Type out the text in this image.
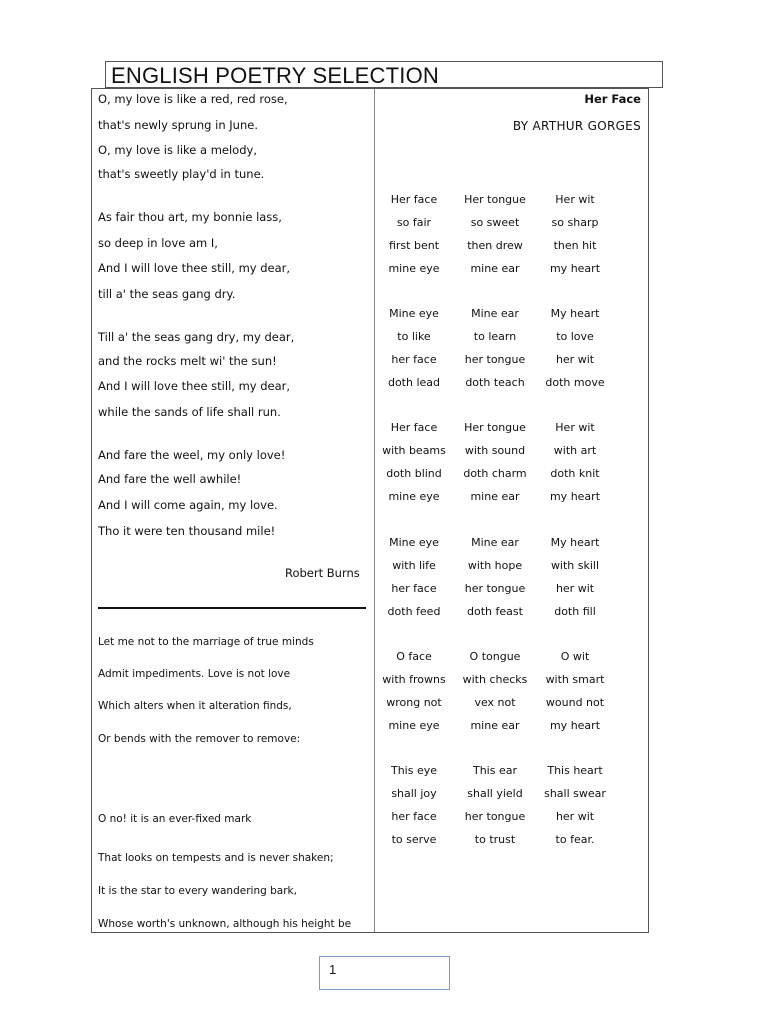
ENGLISH POETRY SELECTION
Her Face
BY ARTHUR GORGES
Her face	Her tongue	Her wit
so fair	so sweet	so sharp
first bent	then drew	then hit
mine eye	mine ear	my heart
Mine eye	Mine ear	My heart
to like	to learn	to love
her face	her tongue	her wit
doth lead	doth teach	doth move
Her face	Her tongue	Her wit
with beams	with sound	with art
doth blind	doth charm	doth knit
mine eye	mine ear	my heart
Mine eye	Mine ear	My heart
with life	with hope	with skill
her face	her tongue	her wit
doth feed	doth feast	doth fill
O face	O tongue	O wit
with frowns	with checks	with smart
wrong not	vex not	wound not
mine eye	mine ear	my heart
This eye	This ear	This heart
shall joy	shall yield	shall swear
her face	her tongue	her wit
to serve	to trust	to fear.
O, my love is like a red, red rose,
that's newly sprung in June.
O, my love is like a melody,
that's sweetly play'd in tune.
As fair thou art, my bonnie lass,
so deep in love am I,
And I will love thee still, my dear,
till a' the seas gang dry.
Till a' the seas gang dry, my dear,
and the rocks melt wi' the sun!
And I will love thee still, my dear,
while the sands of life shall run.
And fare the weel, my only love!
And fare the well awhile!
And I will come again, my love.
Tho it were ten thousand mile!
Robert Burns
Let me not to the marriage of true minds
Admit impediments. Love is not love
Which alters when it alteration finds,
Or bends with the remover to remove:
O no! it is an ever-fixed mark
That looks on tempests and is never shaken;
It is the star to every wandering bark,
Whose worth's unknown, although his height be
1
